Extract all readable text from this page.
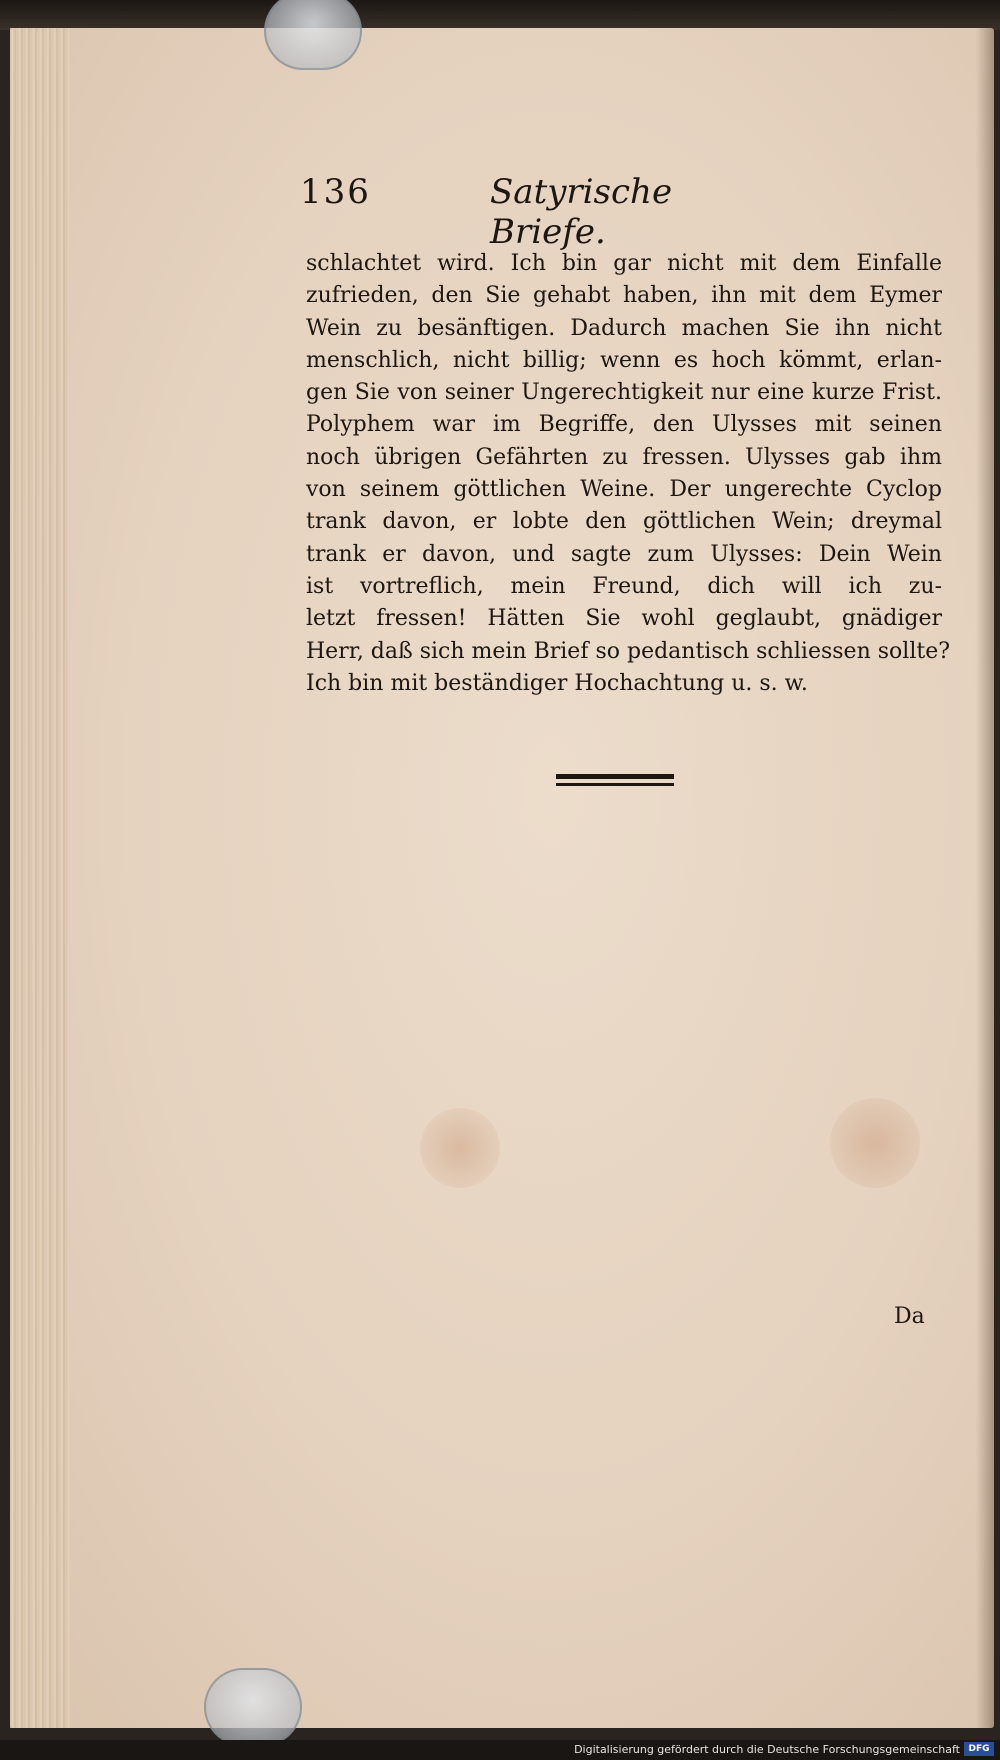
136	Satyrische Briefe.
schlachtet wird. Ich bin gar nicht mit dem Einfalle
zufrieden, den Sie gehabt haben, ihn mit dem Eymer
Wein zu besänftigen. Dadurch machen Sie ihn nicht
menschlich, nicht billig; wenn es hoch kömmt, erlan-
gen Sie von seiner Ungerechtigkeit nur eine kurze Frist.
Polyphem war im Begriffe, den Ulysses mit seinen
noch übrigen Gefährten zu fressen. Ulysses gab ihm
von seinem göttlichen Weine. Der ungerechte Cyclop
trank davon, er lobte den göttlichen Wein; dreymal
trank er davon, und sagte zum Ulysses: Dein Wein
ist vortreflich, mein Freund, dich will ich zu-
letzt fressen! Hätten Sie wohl geglaubt, gnädiger
Herr, daß sich mein Brief so pedantisch schliessen sollte?
Ich bin mit beständiger Hochachtung u. s. w.
Da
Digitalisierung gefördert durch die Deutsche Forschungsgemeinschaft DFG
